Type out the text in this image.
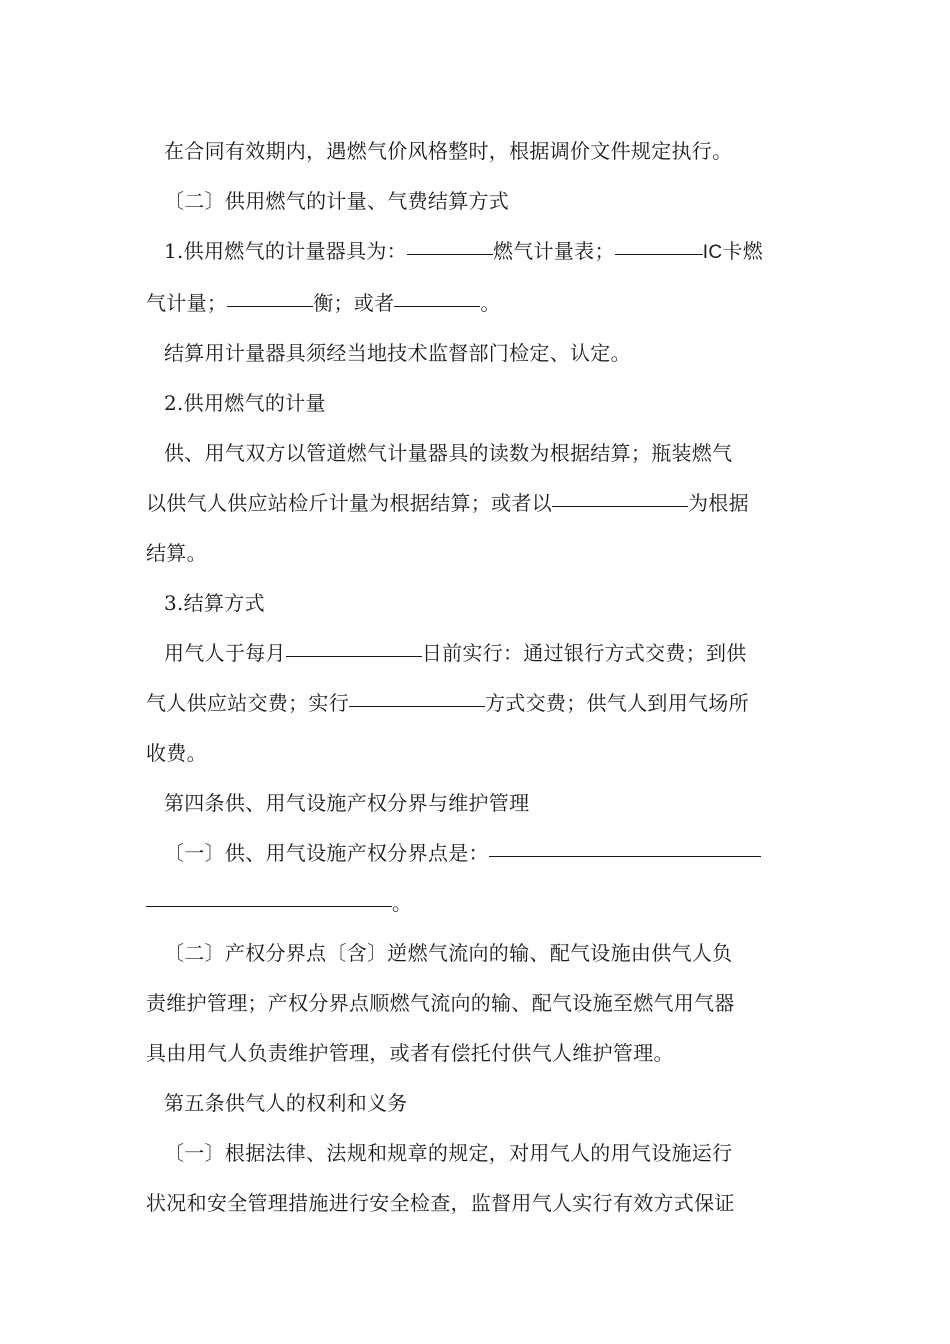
在合同有效期内，遇燃气价风格整时，根据调价文件规定执行。

〔二〕供用燃气的计量、气费结算方式

1.供用燃气的计量器具为：	燃气计量表；	IC卡燃
气计量；	衡；或者	。

结算用计量器具须经当地技术监督部门检定、认定。

2.供用燃气的计量

供、用气双方以管道燃气计量器具的读数为根据结算；瓶装燃气
以供气人供应站检斤计量为根据结算；或者以	为根据
结算。

3.结算方式

用气人于每月	日前实行：通过银行方式交费；到供
气人供应站交费；实行	方式交费；供气人到用气场所
收费。

第四条供、用气设施产权分界与维护管理

〔一〕供、用气设施产权分界点是：
。

〔二〕产权分界点〔含〕逆燃气流向的输、配气设施由供气人负
责维护管理；产权分界点顺燃气流向的输、配气设施至燃气用气器
具由用气人负责维护管理，或者有偿托付供气人维护管理。

第五条供气人的权利和义务

〔一〕根据法律、法规和规章的规定，对用气人的用气设施运行
状况和安全管理措施进行安全检查，监督用气人实行有效方式保证
